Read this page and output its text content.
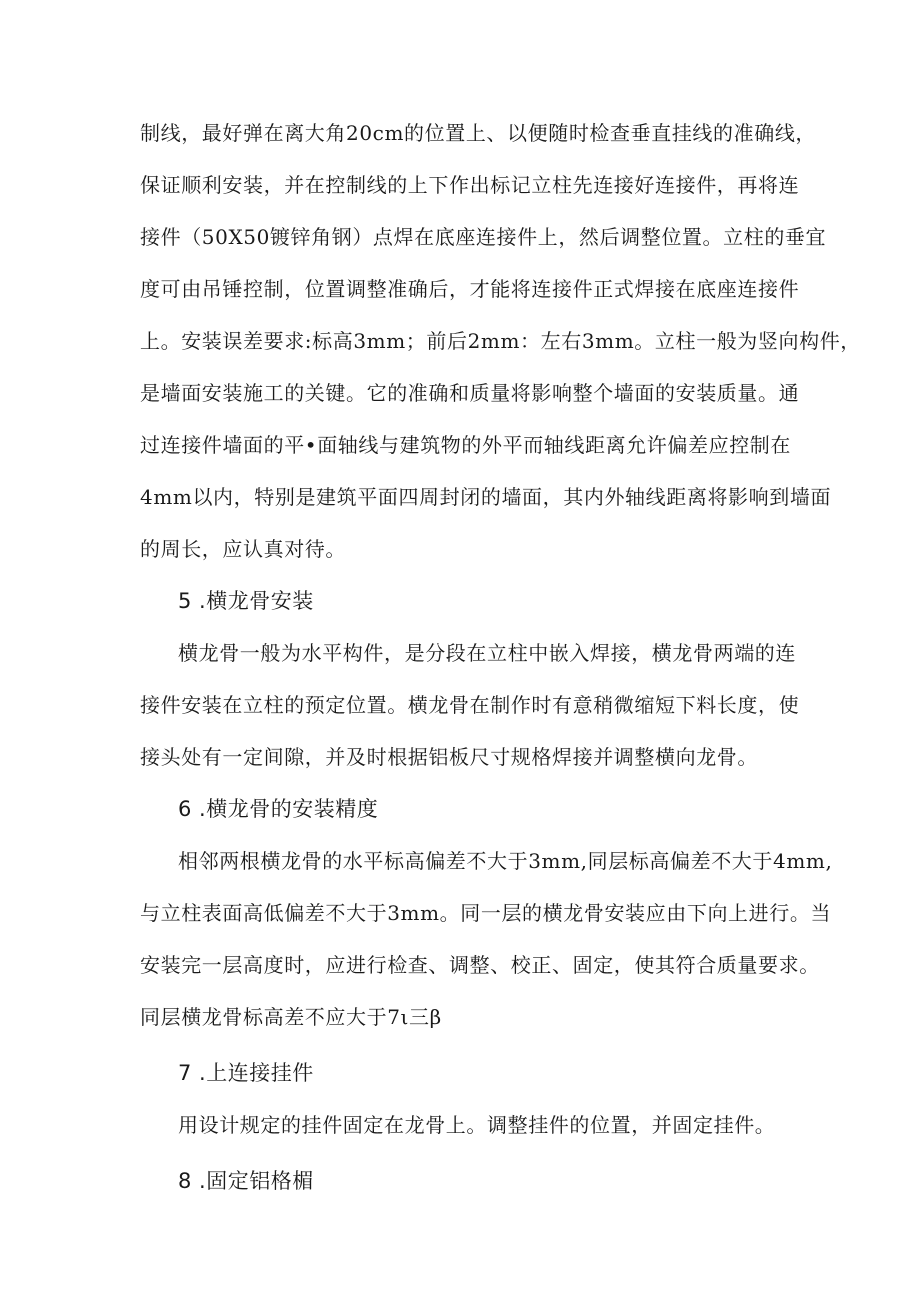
制线，最好弹在离大角20cm的位置上、以便随时检查垂直挂线的准确线，
保证顺利安装，并在控制线的上下作出标记立柱先连接好连接件，再将连
接件（50X50镀锌角钢）点焊在底座连接件上，然后调整位置。立柱的垂宜
度可由吊锤控制，位置调整准确后，才能将连接件正式焊接在底座连接件
上。安装误差要求:标高3mm；前后2mm：左右3mm。立柱一般为竖向构件，
是墙面安装施工的关键。它的准确和质量将影响整个墙面的安装质量。通
过连接件墙面的平•面轴线与建筑物的外平而轴线距离允许偏差应控制在
4mm以内，特别是建筑平面四周封闭的墙面，其内外轴线距离将影响到墙面
的周长，应认真对待。
5 .横龙骨安装
横龙骨一般为水平构件，是分段在立柱中嵌入焊接，横龙骨两端的连
接件安装在立柱的预定位置。横龙骨在制作时有意稍微缩短下料长度，使
接头处有一定间隙，并及时根据铝板尺寸规格焊接并调整横向龙骨。
6 .横龙骨的安装精度
相邻两根横龙骨的水平标高偏差不大于3mm,同层标高偏差不大于4mm,
与立柱表面高低偏差不大于3mm。同一层的横龙骨安装应由下向上进行。当
安装完一层高度时，应进行检查、调整、校正、固定，使其符合质量要求。
同层横龙骨标高差不应大于7ι三β
7 .上连接挂件
用设计规定的挂件固定在龙骨上。调整挂件的位置，并固定挂件。
8 .固定铝格楣
